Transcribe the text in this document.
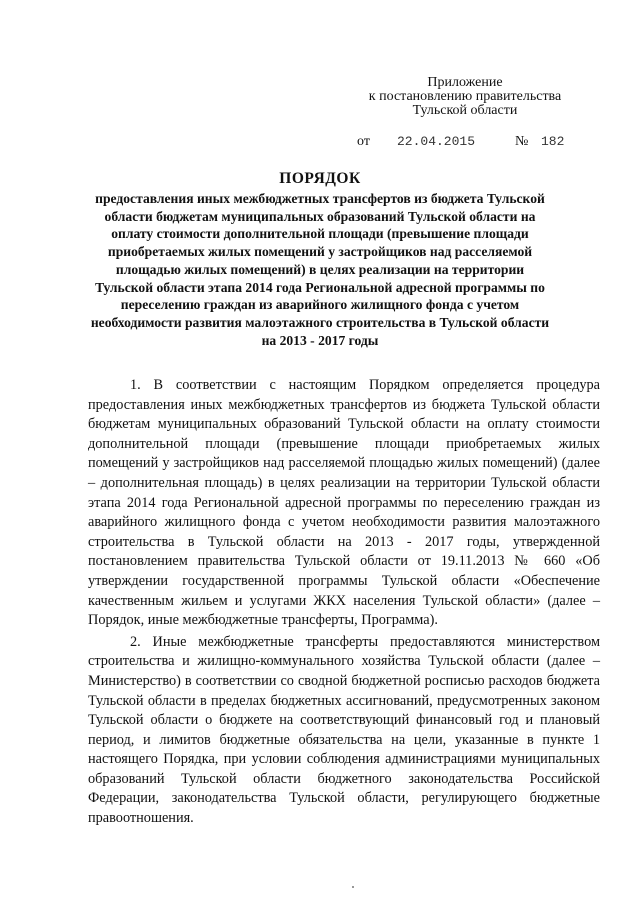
Приложение
к постановлению правительства
Тульской области
от 22.04.2015	№ 182
ПОРЯДОК
предоставления иных межбюджетных трансфертов из бюджета Тульской области бюджетам муниципальных образований Тульской области на оплату стоимости дополнительной площади (превышение площади приобретаемых жилых помещений у застройщиков над расселяемой площадью жилых помещений) в целях реализации на территории Тульской области этапа 2014 года Региональной адресной программы по переселению граждан из аварийного жилищного фонда с учетом необходимости развития малоэтажного строительства в Тульской области на 2013 - 2017 годы

1. В соответствии с настоящим Порядком определяется процедура предоставления иных межбюджетных трансфертов из бюджета Тульской области бюджетам муниципальных образований Тульской области на оплату стоимости дополнительной площади (превышение площади приобретаемых жилых помещений у застройщиков над расселяемой площадью жилых помещений) (далее – дополнительная площадь) в целях реализации на территории Тульской области этапа 2014 года Региональной адресной программы по переселению граждан из аварийного жилищного фонда с учетом необходимости развития малоэтажного строительства в Тульской области на 2013 - 2017 годы, утвержденной постановлением правительства Тульской области от 19.11.2013 № 660 «Об утверждении государственной программы Тульской области «Обеспечение качественным жильем и услугами ЖКХ населения Тульской области» (далее – Порядок, иные межбюджетные трансферты, Программа).

2. Иные межбюджетные трансферты предоставляются министерством строительства и жилищно-коммунального хозяйства Тульской области (далее – Министерство) в соответствии со сводной бюджетной росписью расходов бюджета Тульской области в пределах бюджетных ассигнований, предусмотренных законом Тульской области о бюджете на соответствующий финансовый год и плановый период, и лимитов бюджетные обязательства на цели, указанные в пункте 1 настоящего Порядка, при условии соблюдения администрациями муниципальных образований Тульской области бюджетного законодательства Российской Федерации, законодательства Тульской области, регулирующего бюджетные правоотношения.
